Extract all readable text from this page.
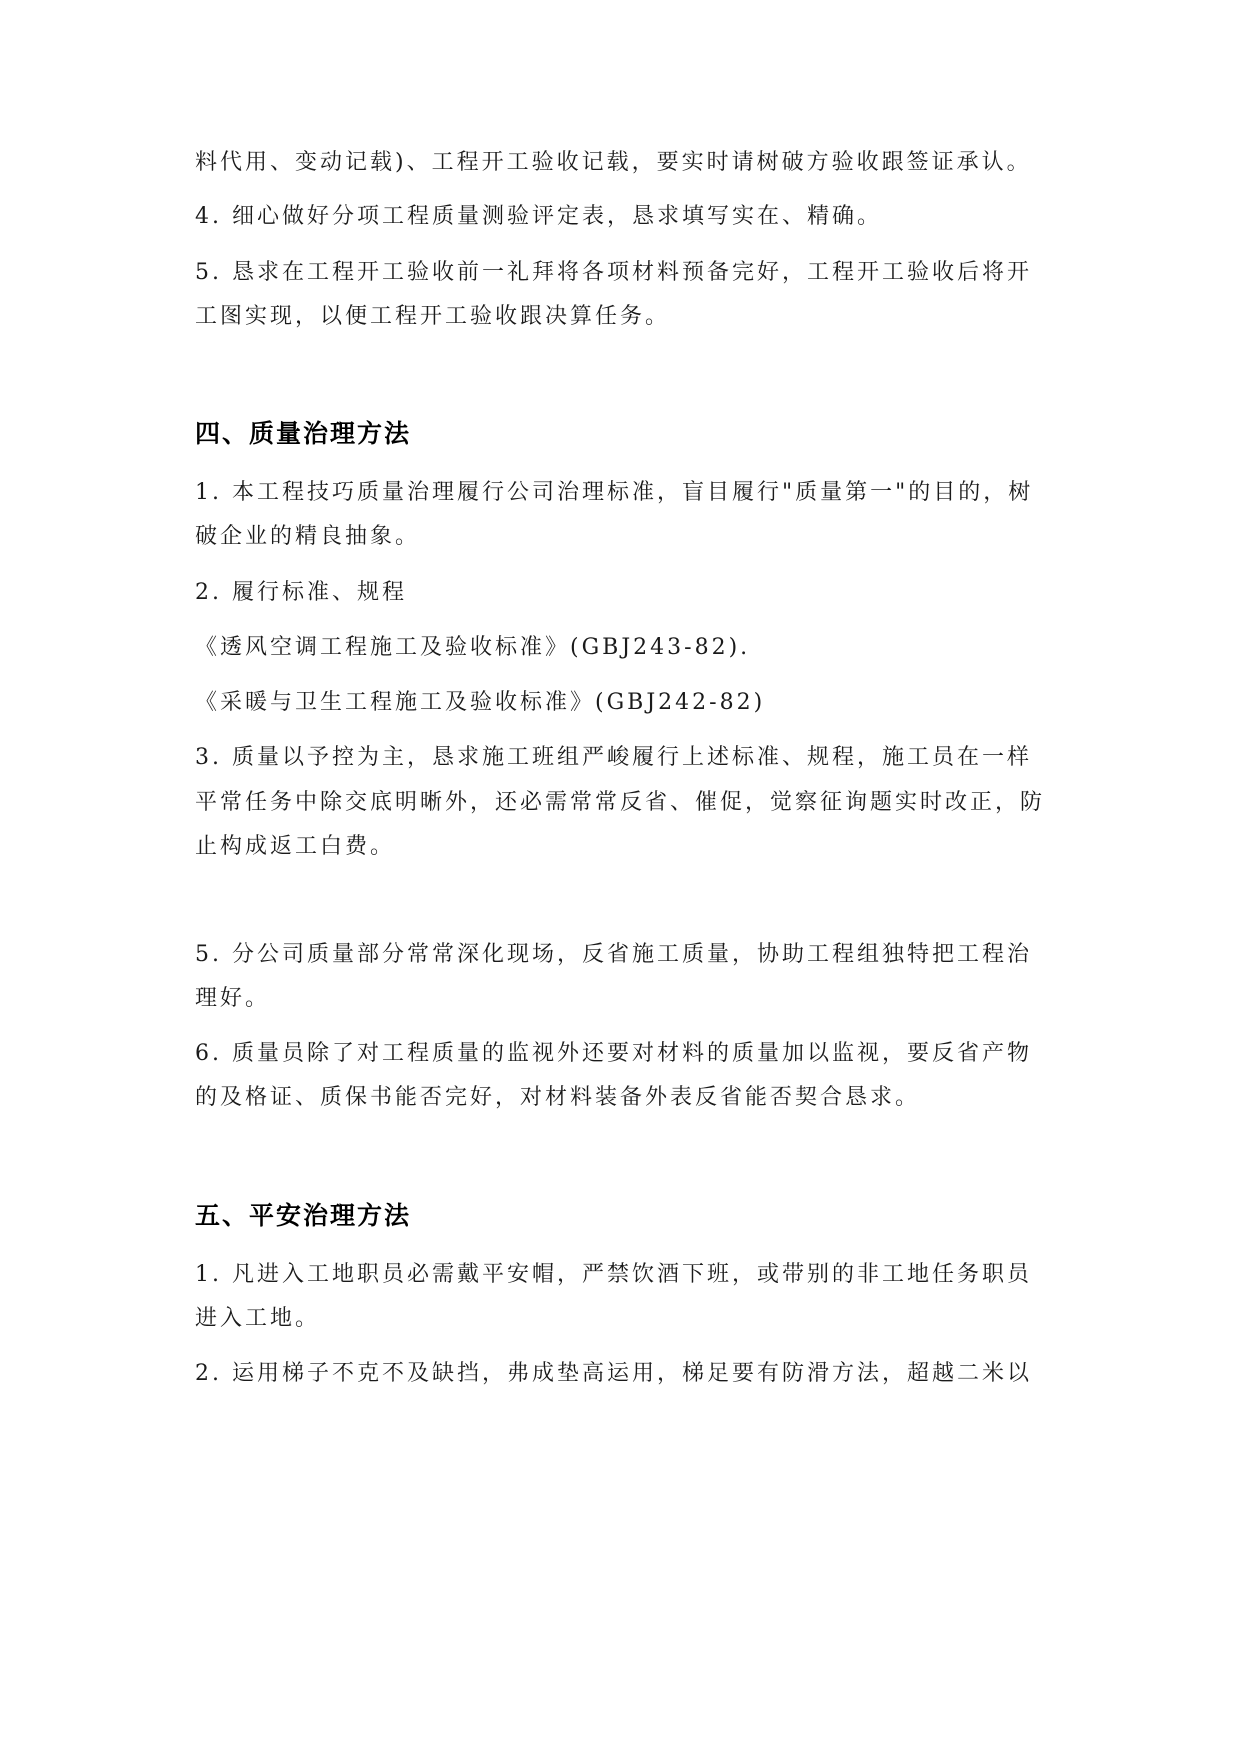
料代用、变动记载)、工程开工验收记载，要实时请树破方验收跟签证承认。
4. 细心做好分项工程质量测验评定表，恳求填写实在、精确。
5. 恳求在工程开工验收前一礼拜将各项材料预备完好，工程开工验收后将开
工图实现，以便工程开工验收跟决算任务。
四、质量治理方法
1. 本工程技巧质量治理履行公司治理标准，盲目履行"质量第一"的目的，树
破企业的精良抽象。
2. 履行标准、规程
《透风空调工程施工及验收标准》(GBJ243-82).
《采暖与卫生工程施工及验收标准》(GBJ242-82)
3. 质量以予控为主，恳求施工班组严峻履行上述标准、规程，施工员在一样
平常任务中除交底明晰外，还必需常常反省、催促，觉察征询题实时改正，防
止构成返工白费。
5. 分公司质量部分常常深化现场，反省施工质量，协助工程组独特把工程治
理好。
6. 质量员除了对工程质量的监视外还要对材料的质量加以监视，要反省产物
的及格证、质保书能否完好，对材料装备外表反省能否契合恳求。
五、平安治理方法
1. 凡进入工地职员必需戴平安帽，严禁饮酒下班，或带别的非工地任务职员
进入工地。
2. 运用梯子不克不及缺挡，弗成垫高运用，梯足要有防滑方法，超越二米以
